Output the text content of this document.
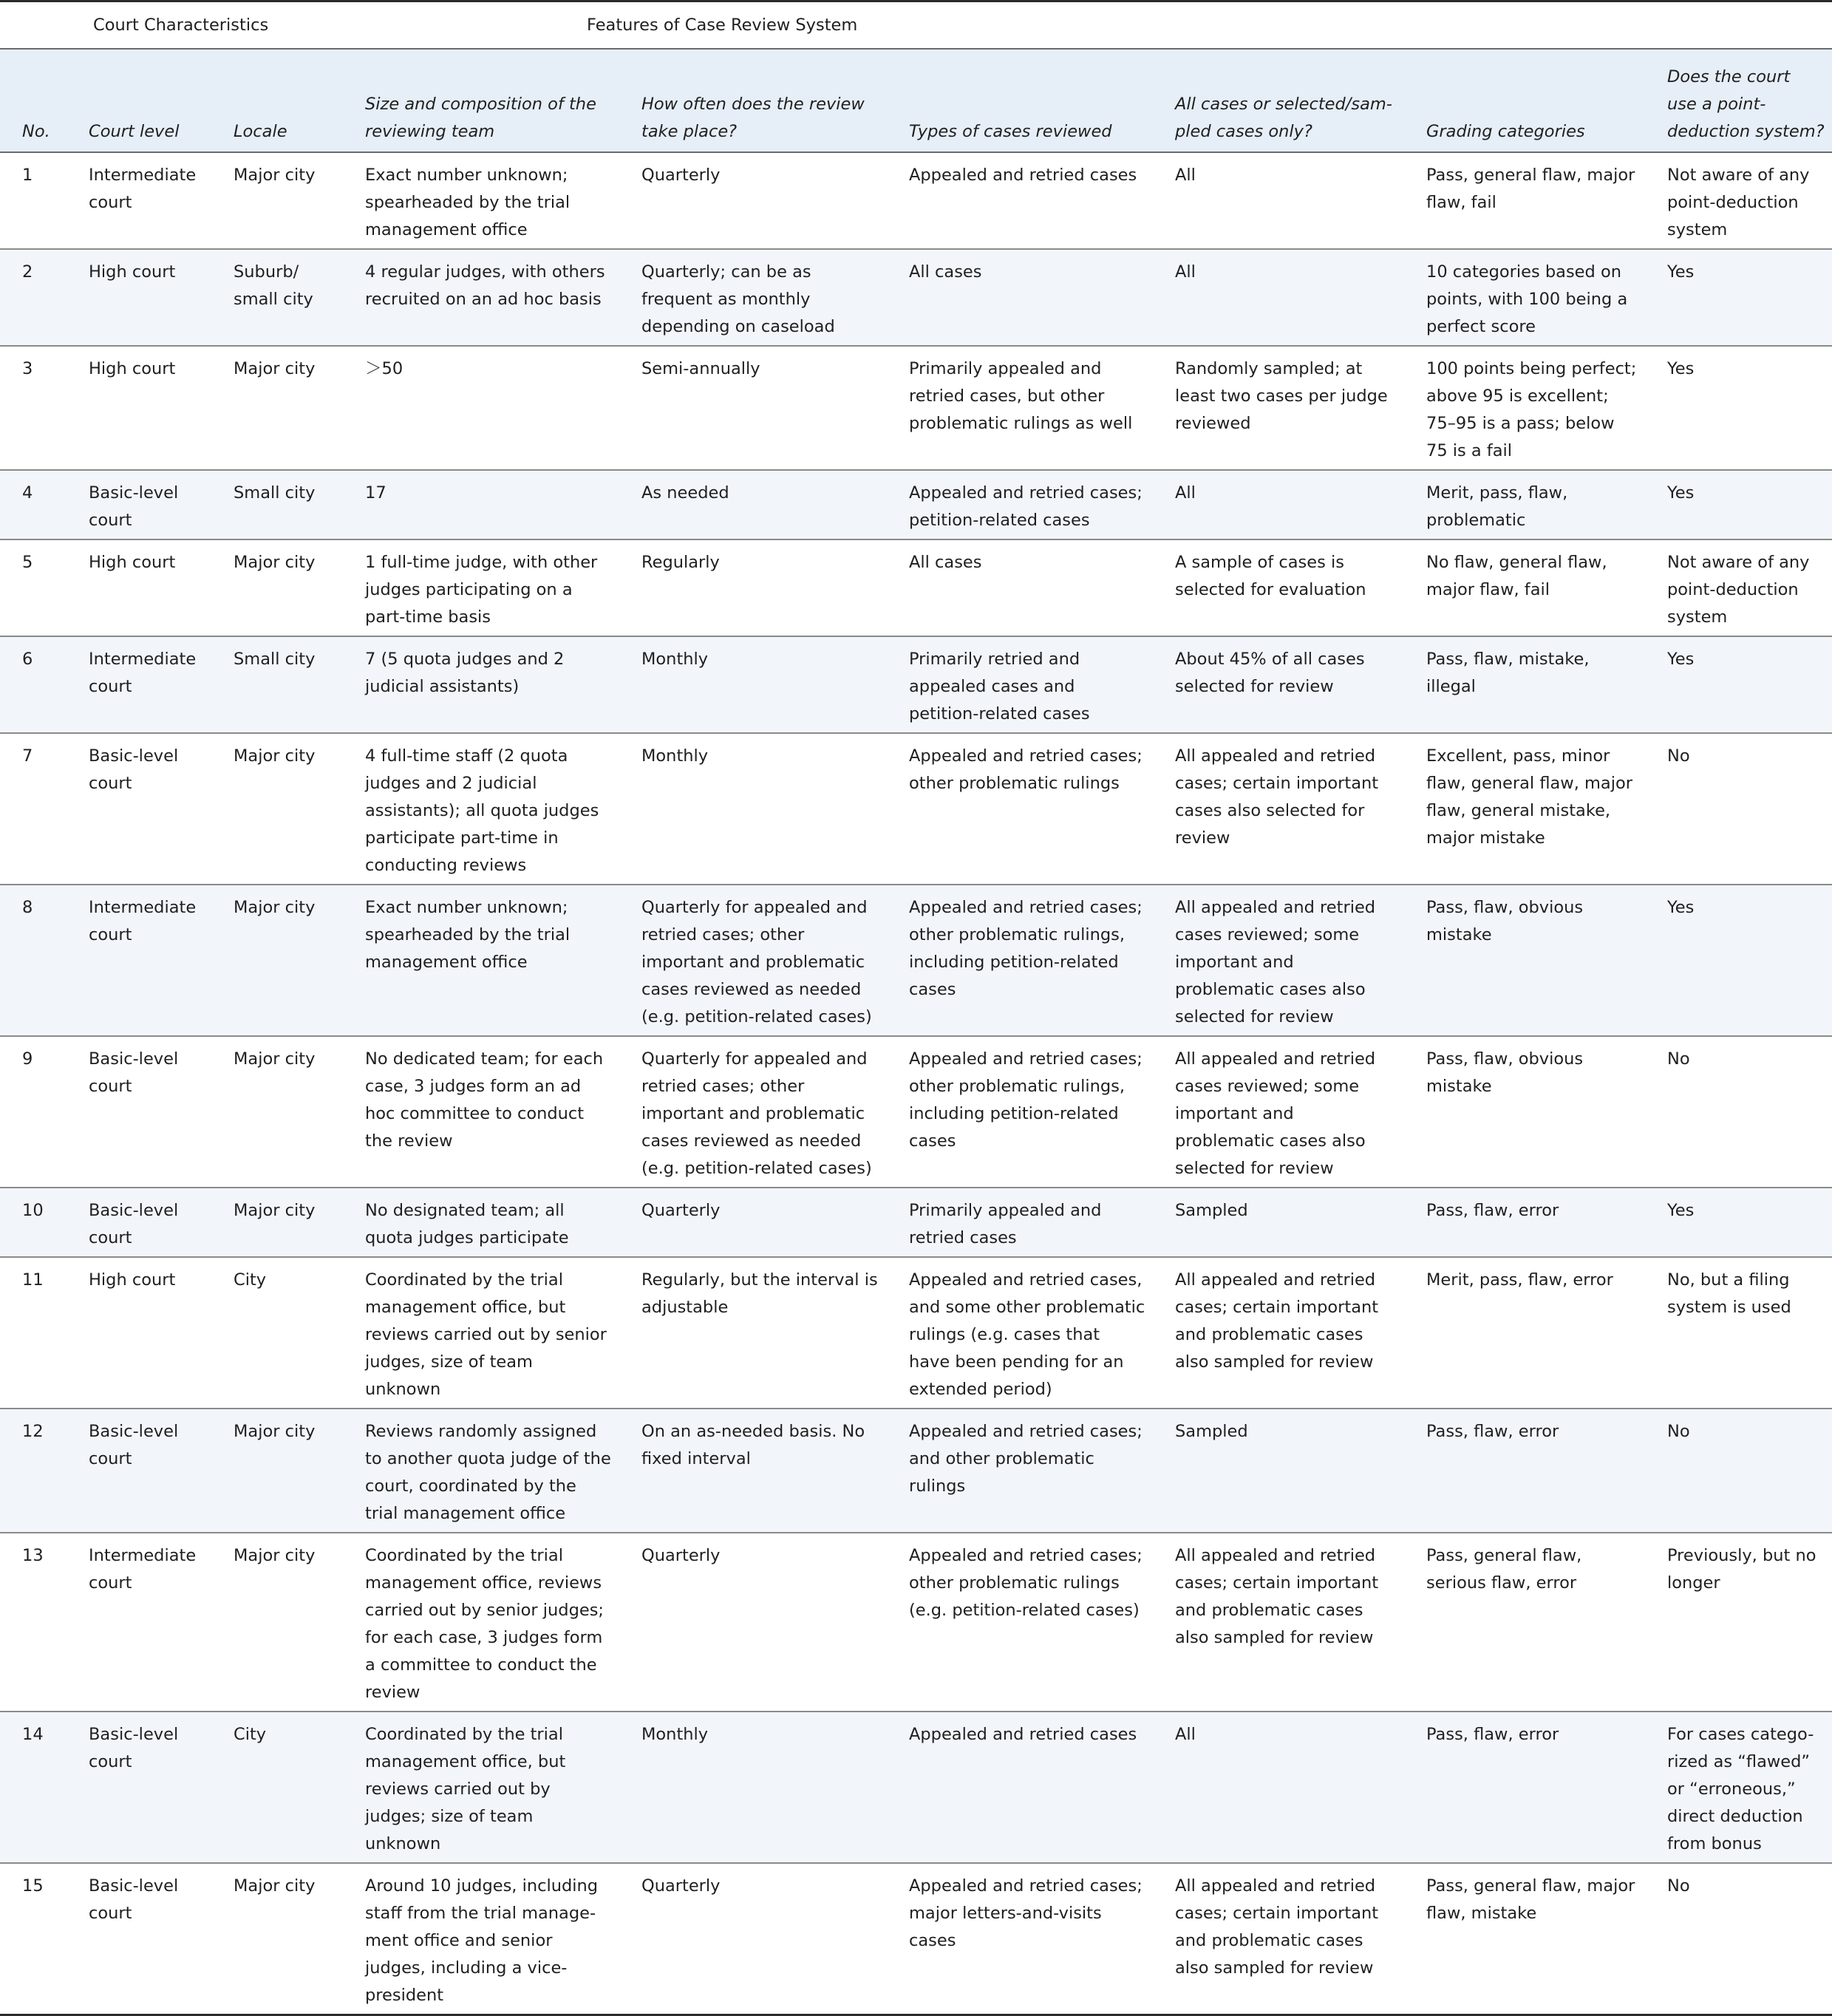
Court Characteristics			Features of Case Review System					
No.	Court level	Locale	Size and composition of the reviewing team	How often does the review take place?	Types of cases reviewed	All cases or selected/sam-pled cases only?	Grading categories	Does the court use a point-deduction system?
1	Intermediate court	Major city	Exact number unknown; spearheaded by the trial management office	Quarterly	Appealed and retried cases	All	Pass, general flaw, major flaw, fail	Not aware of any point-deduction system
2	High court	Suburb/ small city	4 regular judges, with others recruited on an ad hoc basis	Quarterly; can be as frequent as monthly depending on caseload	All cases	All	10 categories based on points, with 100 being a perfect score	Yes
3	High court	Major city	＞50	Semi-annually	Primarily appealed and retried cases, but other problematic rulings as well	Randomly sampled; at least two cases per judge reviewed	100 points being perfect; above 95 is excellent; 75–95 is a pass; below 75 is a fail	Yes
4	Basic-level court	Small city	17	As needed	Appealed and retried cases; petition-related cases	All	Merit, pass, flaw, problematic	Yes
5	High court	Major city	1 full-time judge, with other judges participating on a part-time basis	Regularly	All cases	A sample of cases is selected for evaluation	No flaw, general flaw, major flaw, fail	Not aware of any point-deduction system
6	Intermediate court	Small city	7 (5 quota judges and 2 judicial assistants)	Monthly	Primarily retried and appealed cases and petition-related cases	About 45% of all cases selected for review	Pass, flaw, mistake, illegal	Yes
7	Basic-level court	Major city	4 full-time staff (2 quota judges and 2 judicial assistants); all quota judges participate part-time in conducting reviews	Monthly	Appealed and retried cases; other problematic rulings	All appealed and retried cases; certain important cases also selected for review	Excellent, pass, minor flaw, general flaw, major flaw, general mistake, major mistake	No
8	Intermediate court	Major city	Exact number unknown; spearheaded by the trial management office	Quarterly for appealed and retried cases; other important and problematic cases reviewed as needed (e.g. petition-related cases)	Appealed and retried cases; other problematic rulings, including petition-related cases	All appealed and retried cases reviewed; some important and problematic cases also selected for review	Pass, flaw, obvious mistake	Yes
9	Basic-level court	Major city	No dedicated team; for each case, 3 judges form an ad hoc committee to conduct the review	Quarterly for appealed and retried cases; other important and problematic cases reviewed as needed (e.g. petition-related cases)	Appealed and retried cases; other problematic rulings, including petition-related cases	All appealed and retried cases reviewed; some important and problematic cases also selected for review	Pass, flaw, obvious mistake	No
10	Basic-level court	Major city	No designated team; all quota judges participate	Quarterly	Primarily appealed and retried cases	Sampled	Pass, flaw, error	Yes
11	High court	City	Coordinated by the trial management office, but reviews carried out by senior judges, size of team unknown	Regularly, but the interval is adjustable	Appealed and retried cases, and some other problematic rulings (e.g. cases that have been pending for an extended period)	All appealed and retried cases; certain important and problematic cases also sampled for review	Merit, pass, flaw, error	No, but a filing system is used
12	Basic-level court	Major city	Reviews randomly assigned to another quota judge of the court, coordinated by the trial management office	On an as-needed basis. No fixed interval	Appealed and retried cases; and other problematic rulings	Sampled	Pass, flaw, error	No
13	Intermediate court	Major city	Coordinated by the trial management office, reviews carried out by senior judges; for each case, 3 judges form a committee to conduct the review	Quarterly	Appealed and retried cases; other problematic rulings (e.g. petition-related cases)	All appealed and retried cases; certain important and problematic cases also sampled for review	Pass, general flaw, serious flaw, error	Previously, but no longer
14	Basic-level court	City	Coordinated by the trial management office, but reviews carried out by judges; size of team unknown	Monthly	Appealed and retried cases	All	Pass, flaw, error	For cases catego-rized as “flawed” or “erroneous,” direct deduction from bonus
15	Basic-level court	Major city	Around 10 judges, including staff from the trial manage-ment office and senior judges, including a vice-president	Quarterly	Appealed and retried cases; major letters-and-visits cases	All appealed and retried cases; certain important and problematic cases also sampled for review	Pass, general flaw, major flaw, mistake	No
